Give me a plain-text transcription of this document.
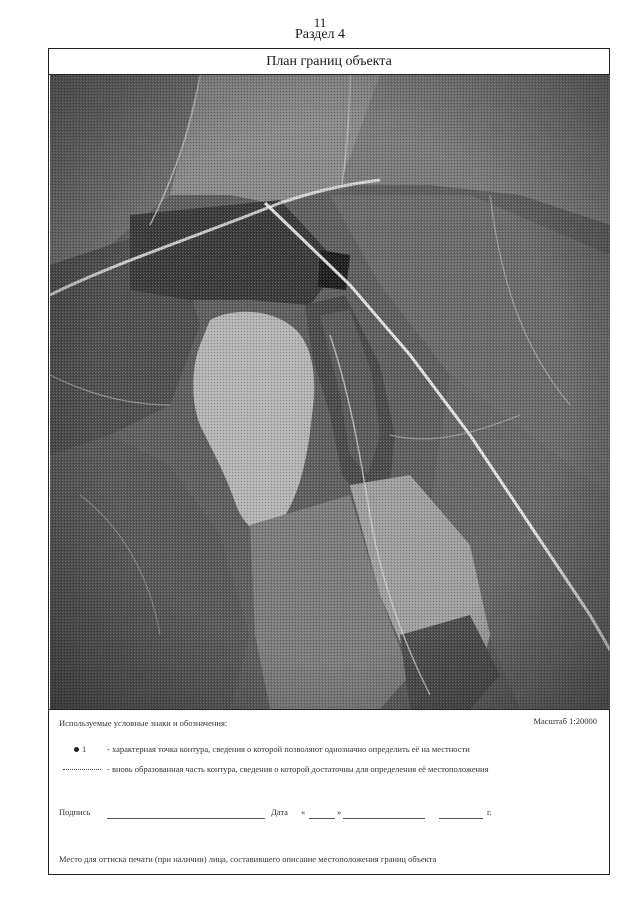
11
Раздел 4
План границ объекта
Используемые условные знаки и обозначения:	Масштаб 1:20000
1 - характерная точка контура, сведения о которой позволяют однозначно определить её на местности
- вновь образованная часть контура, сведения о которой достаточны для определения её местоположения
Подпись	Дата «	»	г.
Место для оттиска печати (при наличии) лица, составившего описание местоположения границ объекта
